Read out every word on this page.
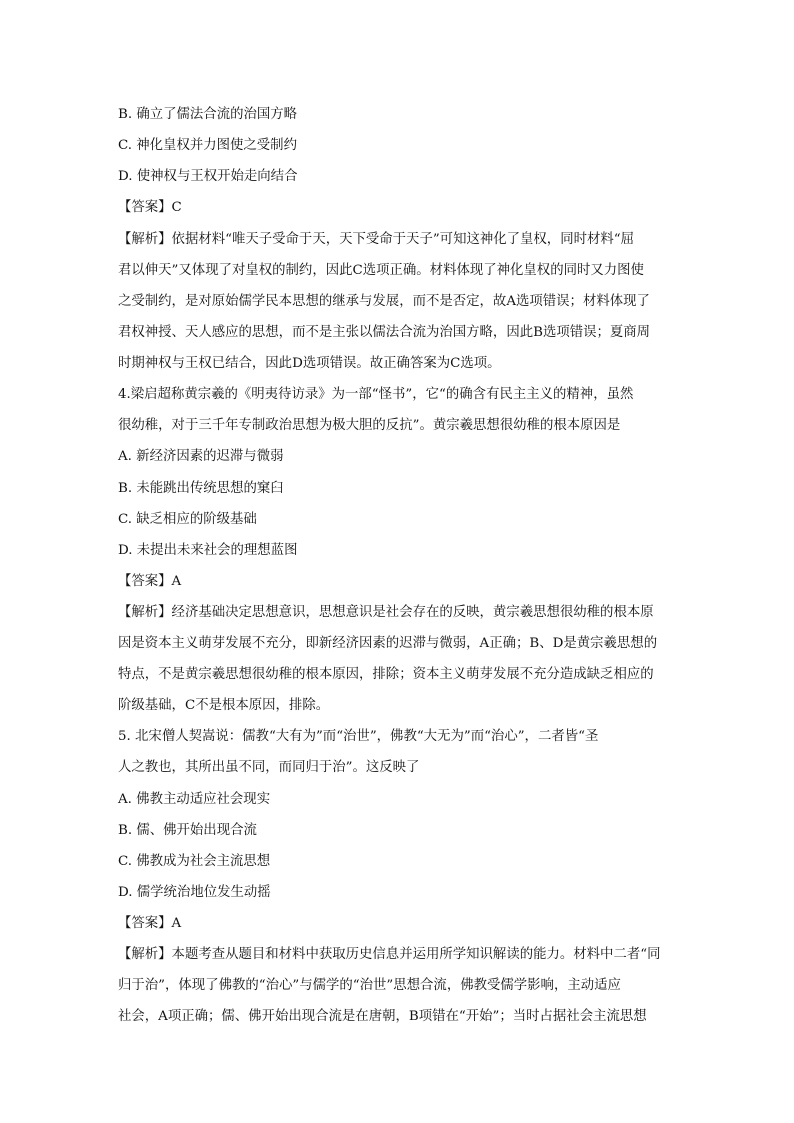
B. 确立了儒法合流的治国方略
C. 神化皇权并力图使之受制约
D. 使神权与王权开始走向结合
【答案】C
【解析】依据材料“唯天子受命于天，天下受命于天子”可知这神化了皇权，同时材料“屈
君以伸天”又体现了对皇权的制约，因此C选项正确。材料体现了神化皇权的同时又力图使
之受制约，是对原始儒学民本思想的继承与发展，而不是否定，故A选项错误；材料体现了
君权神授、天人感应的思想，而不是主张以儒法合流为治国方略，因此B选项错误；夏商周
时期神权与王权已结合，因此D选项错误。故正确答案为C选项。
4.梁启超称黄宗羲的《明夷待访录》为一部“怪书”，它“的确含有民主主义的精神，虽然
很幼稚，对于三千年专制政治思想为极大胆的反抗”。黄宗羲思想很幼稚的根本原因是
A. 新经济因素的迟滞与微弱
B. 未能跳出传统思想的窠臼
C. 缺乏相应的阶级基础
D. 未提出未来社会的理想蓝图
【答案】A
【解析】经济基础决定思想意识，思想意识是社会存在的反映，黄宗羲思想很幼稚的根本原
因是资本主义萌芽发展不充分，即新经济因素的迟滞与微弱，A正确；B、D是黄宗羲思想的
特点，不是黄宗羲思想很幼稚的根本原因，排除；资本主义萌芽发展不充分造成缺乏相应的
阶级基础，C不是根本原因，排除。
5. 北宋僧人契嵩说：儒教“大有为”而“治世”，佛教“大无为”而“治心”，二者皆“圣
人之教也，其所出虽不同，而同归于治”。这反映了
A. 佛教主动适应社会现实
B. 儒、佛开始出现合流
C. 佛教成为社会主流思想
D. 儒学统治地位发生动摇
【答案】A
【解析】本题考查从题目和材料中获取历史信息并运用所学知识解读的能力。材料中二者“同
归于治”，体现了佛教的“治心”与儒学的“治世”思想合流，佛教受儒学影响，主动适应
社会，A项正确；儒、佛开始出现合流是在唐朝，B项错在“开始”；当时占据社会主流思想
